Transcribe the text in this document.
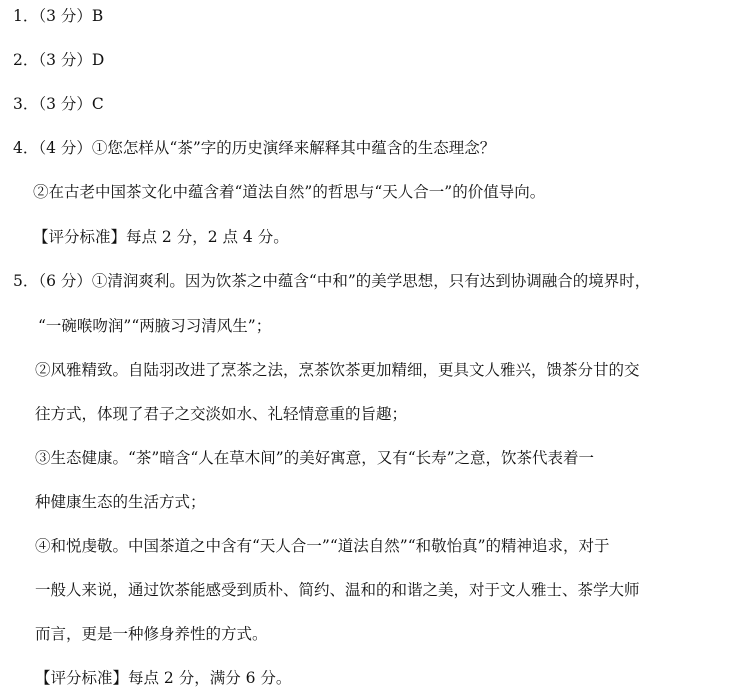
1．（3 分）B
2．（3 分）D
3．（3 分）C
4．（4 分）①您怎样从“茶”字的历史演绎来解释其中蕴含的生态理念？
②在古老中国茶文化中蕴含着“道法自然”的哲思与“天人合一”的价值导向。
【评分标准】每点 2 分，2 点 4 分。
5．（6 分）①清润爽利。因为饮茶之中蕴含“中和”的美学思想，只有达到协调融合的境界时，
“一碗喉吻润”“两腋习习清风生”；
②风雅精致。自陆羽改进了烹茶之法，烹茶饮茶更加精细，更具文人雅兴，馈茶分甘的交
往方式，体现了君子之交淡如水、礼轻情意重的旨趣；
③生态健康。“茶”暗含“人在草木间”的美好寓意，又有“长寿”之意，饮茶代表着一
种健康生态的生活方式；
④和悦虔敬。中国茶道之中含有“天人合一”“道法自然”“和敬怡真”的精神追求，对于
一般人来说，通过饮茶能感受到质朴、简约、温和的和谐之美，对于文人雅士、茶学大师
而言，更是一种修身养性的方式。
【评分标准】每点 2 分，满分 6 分。
